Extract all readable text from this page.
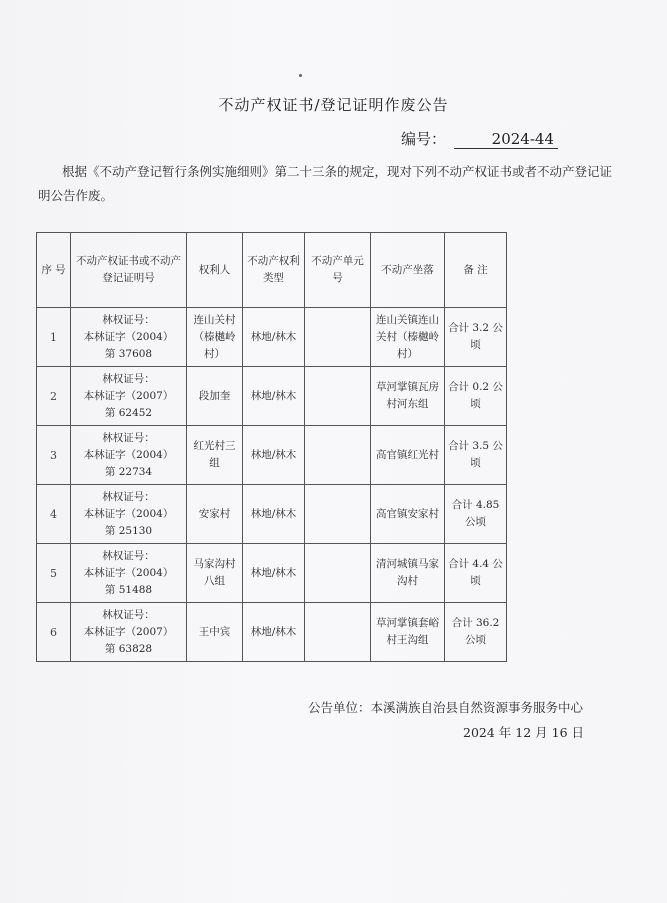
不动产权证书/登记证明作废公告
编号：	2024-44
根据《不动产登记暂行条例实施细则》第二十三条的规定，现对下列不动产权证书或者不动产登记证明公告作废。
序 号	不动产权证书或不动产登记证明号	权利人	不动产权利类型	不动产单元号	不动产坐落	备 注
1	林权证号：
本林证字（2004）
第 37608	连山关村（榛樾岭村）	林地/林木		连山关镇连山关村（榛樾岭村）	合计 3.2 公顷
2	林权证号：
本林证字（2007）
第 62452	段加奎	林地/林木		草河掌镇瓦房村河东组	合计 0.2 公顷
3	林权证号：
本林证字（2004）
第 22734	红光村三组	林地/林木		高官镇红光村	合计 3.5 公顷
4	林权证号：
本林证字（2004）
第 25130	安家村	林地/林木		高官镇安家村	合计 4.85 公顷
5	林权证号：
本林证字（2004）
第 51488	马家沟村八组	林地/林木		清河城镇马家沟村	合计 4.4 公顷
6	林权证号：
本林证字（2007）
第 63828	王中宾	林地/林木		草河掌镇套峪村王沟组	合计 36.2 公顷
公告单位：本溪满族自治县自然资源事务服务中心
2024 年 12 月 16 日
